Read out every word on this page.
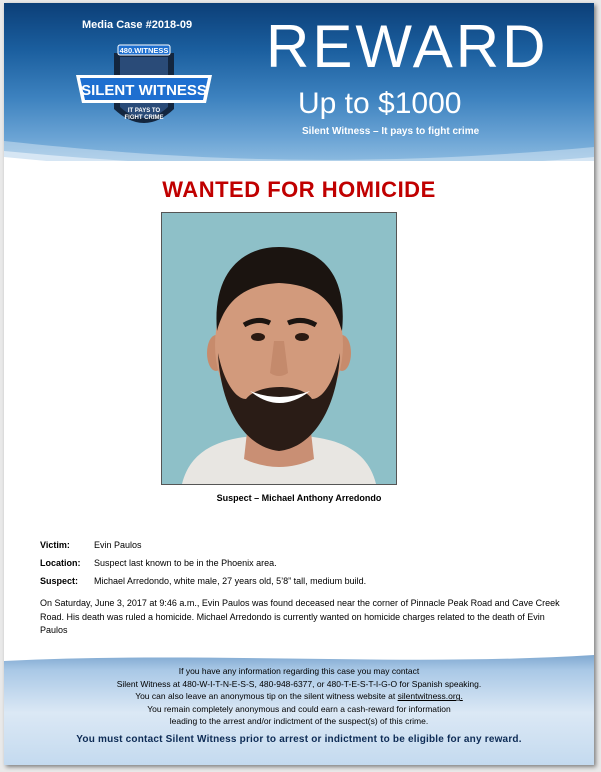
Media Case #2018-09
480.WITNESS
SILENT WITNESS
IT PAYS TO
FIGHT CRIME
REWARD
Up to $1000
Silent Witness – It pays to fight crime
WANTED FOR HOMICIDE
Suspect – Michael Anthony Arredondo
Victim:	Evin Paulos
Location: Suspect last known to be in the Phoenix area.
Suspect: Michael Arredondo, white male, 27 years old, 5’8” tall, medium build.
On Saturday, June 3, 2017 at 9:46 a.m., Evin Paulos was found deceased near the corner of Pinnacle Peak Road and Cave Creek Road. His death was ruled a homicide. Michael Arredondo is currently wanted on homicide charges related to the death of Evin Paulos
If you have any information regarding this case you may contact
Silent Witness at 480-W-I-T-N-E-S-S, 480-948-6377, or 480-T-E-S-T-I-G-O for Spanish speaking.
You can also leave an anonymous tip on the silent witness website at silentwitness.org.
You remain completely anonymous and could earn a cash-reward for information
leading to the arrest and/or indictment of the suspect(s) of this crime.
You must contact Silent Witness prior to arrest or indictment to be eligible for any reward.
